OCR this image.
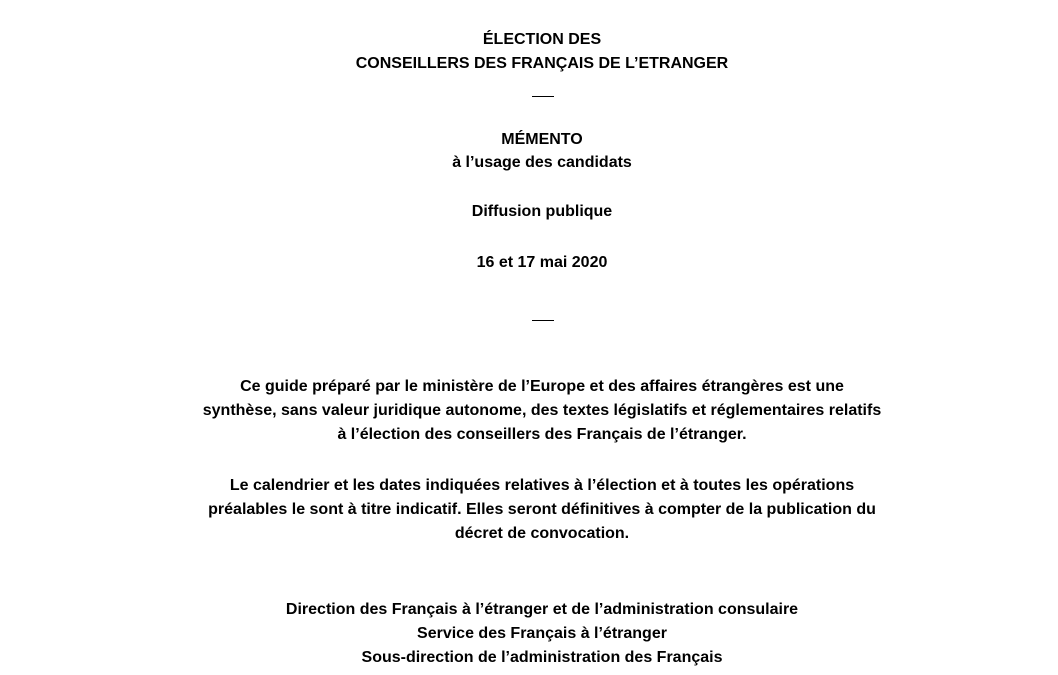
ÉLECTION DES
CONSEILLERS DES FRANÇAIS DE L’ETRANGER
MÉMENTO
à l’usage des candidats
Diffusion publique
16 et 17 mai 2020
Ce guide préparé par le ministère de l’Europe et des affaires étrangères est une
synthèse, sans valeur juridique autonome, des textes législatifs et réglementaires relatifs
à l’élection des conseillers des Français de l’étranger.
Le calendrier et les dates indiquées relatives à l’élection et à toutes les opérations
préalables le sont à titre indicatif. Elles seront définitives à compter de la publication du
décret de convocation.
Direction des Français à l’étranger et de l’administration consulaire
Service des Français à l’étranger
Sous-direction de l’administration des Français
